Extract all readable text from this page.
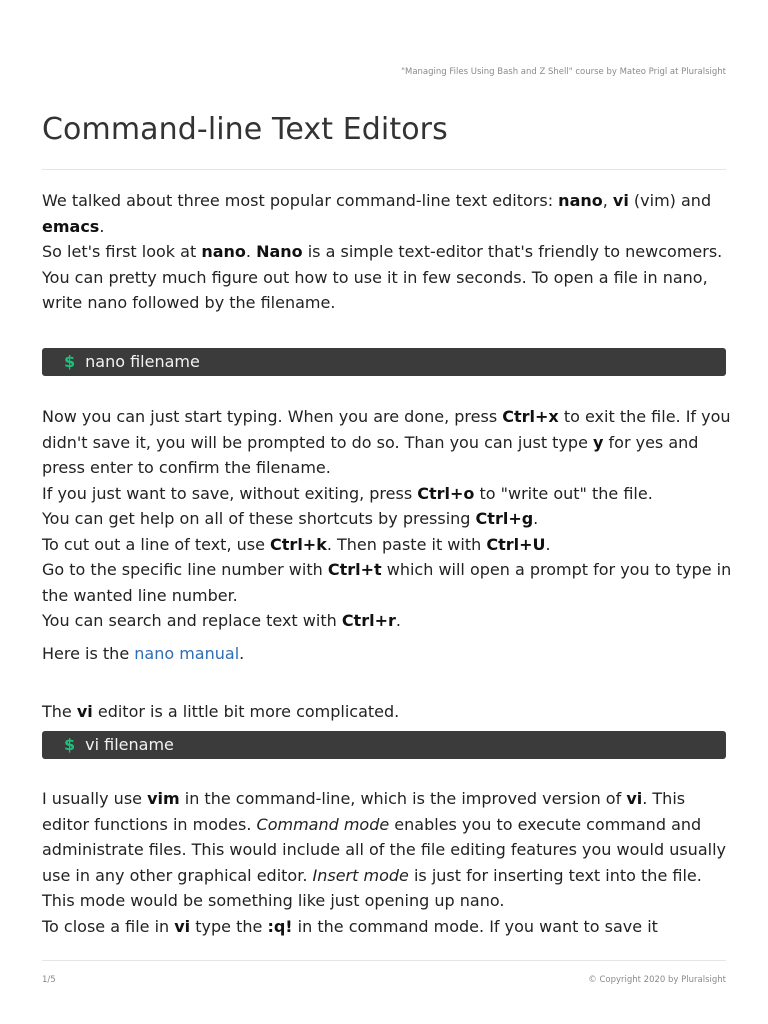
"Managing Files Using Bash and Z Shell" course by Mateo Prigl at Pluralsight
Command-line Text Editors

We talked about three most popular command-line text editors: nano, vi (vim) and emacs.
So let's first look at nano. Nano is a simple text-editor that's friendly to newcomers. You can pretty much figure out how to use it in few seconds. To open a file in nano, write nano followed by the filename.

$ nano filename

Now you can just start typing. When you are done, press Ctrl+x to exit the file. If you didn't save it, you will be prompted to do so. Than you can just type y for yes and press enter to confirm the filename.
If you just want to save, without exiting, press Ctrl+o to "write out" the file.
You can get help on all of these shortcuts by pressing Ctrl+g.
To cut out a line of text, use Ctrl+k. Then paste it with Ctrl+U.
Go to the specific line number with Ctrl+t which will open a prompt for you to type in the wanted line number.
You can search and replace text with Ctrl+r.

Here is the nano manual.

The vi editor is a little bit more complicated.

$ vi filename

I usually use vim in the command-line, which is the improved version of vi. This editor functions in modes. Command mode enables you to execute command and administrate files. This would include all of the file editing features you would usually use in any other graphical editor. Insert mode is just for inserting text into the file. This mode would be something like just opening up nano.
To close a file in vi type the :q! in the command mode. If you want to save it

1/5	© Copyright 2020 by Pluralsight
